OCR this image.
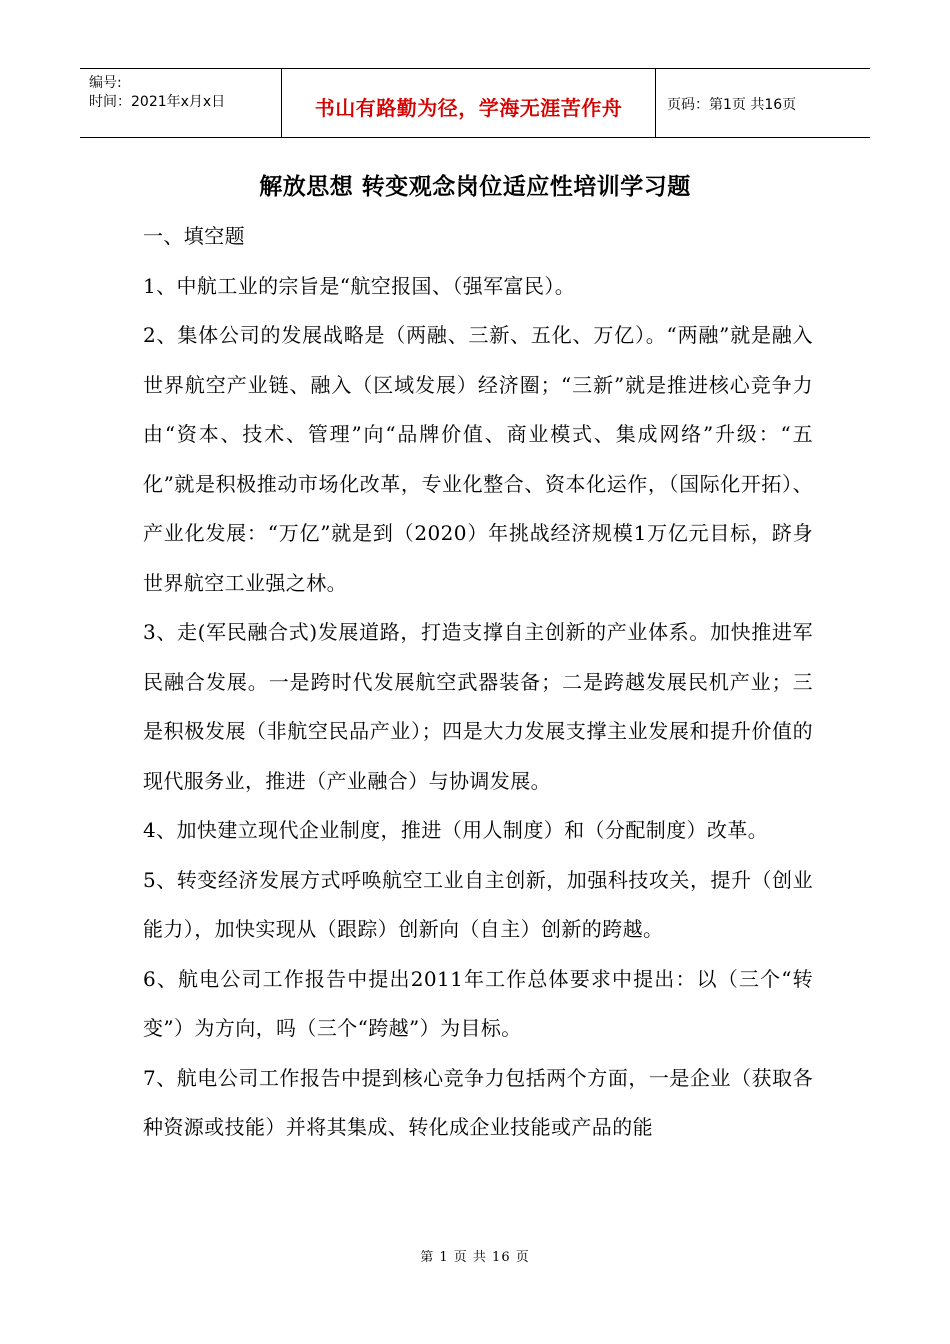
编号:
时间：2021年x月x日	书山有路勤为径，学海无涯苦作舟	页码：第1页 共16页
解放思想 转变观念岗位适应性培训学习题

一、填空题

1、中航工业的宗旨是“航空报国、（强军富民）。

2、集体公司的发展战略是（两融、三新、五化、万亿）。“两融”就是融入世界航空产业链、融入（区域发展）经济圈；“三新”就是推进核心竞争力由“资本、技术、管理”向“品牌价值、商业模式、集成网络”升级：“五化”就是积极推动市场化改革，专业化整合、资本化运作，（国际化开拓）、产业化发展：“万亿”就是到（2020）年挑战经济规模1万亿元目标，跻身世界航空工业强之林。

3、走(军民融合式)发展道路，打造支撑自主创新的产业体系。加快推进军民融合发展。一是跨时代发展航空武器装备；二是跨越发展民机产业；三是积极发展（非航空民品产业）；四是大力发展支撑主业发展和提升价值的现代服务业，推进（产业融合）与协调发展。

4、加快建立现代企业制度，推进（用人制度）和（分配制度）改革。

5、转变经济发展方式呼唤航空工业自主创新，加强科技攻关，提升（创业能力），加快实现从（跟踪）创新向（自主）创新的跨越。

6、航电公司工作报告中提出2011年工作总体要求中提出：以（三个“转变”）为方向，吗（三个“跨越”）为目标。

7、航电公司工作报告中提到核心竞争力包括两个方面，一是企业（获取各种资源或技能）并将其集成、转化成企业技能或产品的能

第 1 页 共 16 页
